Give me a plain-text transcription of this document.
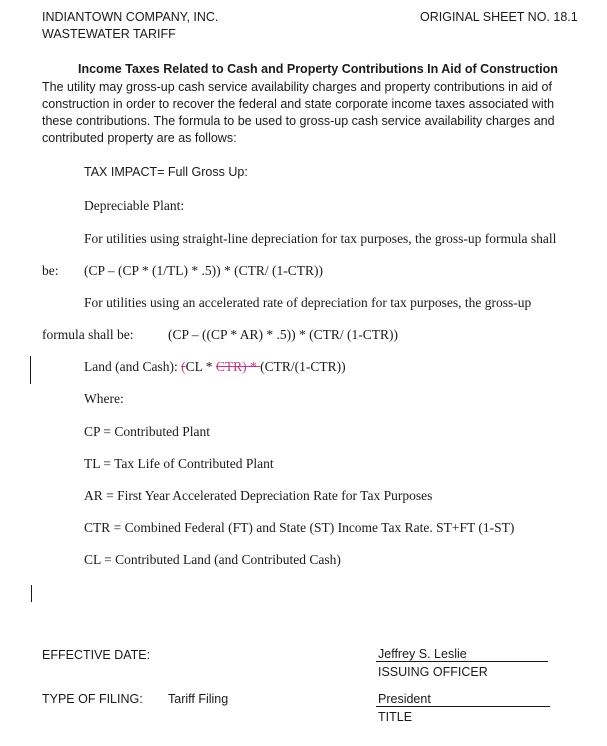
INDIANTOWN COMPANY, INC.	ORIGINAL SHEET NO. 18.1
WASTEWATER TARIFF
Income Taxes Related to Cash and Property Contributions In Aid of Construction
The utility may gross-up cash service availability charges and property contributions in aid of
construction in order to recover the federal and state corporate income taxes associated with
these contributions. The formula to be used to gross-up cash service availability charges and
contributed property are as follows:
TAX IMPACT= Full Gross Up:
Depreciable Plant:
For utilities using straight-line depreciation for tax purposes, the gross-up formula shall
be: (CP – (CP * (1/TL) * .5)) * (CTR/ (1-CTR))
For utilities using an accelerated rate of depreciation for tax purposes, the gross-up
formula shall be:	(CP – ((CP * AR) * .5)) * (CTR/ (1-CTR))
Land (and Cash): (CL * CTR) * (CTR/(1-CTR))
Where:
CP = Contributed Plant
TL = Tax Life of Contributed Plant
AR = First Year Accelerated Depreciation Rate for Tax Purposes
CTR = Combined Federal (FT) and State (ST) Income Tax Rate. ST+FT (1-ST)
CL = Contributed Land (and Contributed Cash)
EFFECTIVE DATE:	Jeffrey S. Leslie
ISSUING OFFICER
TYPE OF FILING: Tariff Filing	President
TITLE
